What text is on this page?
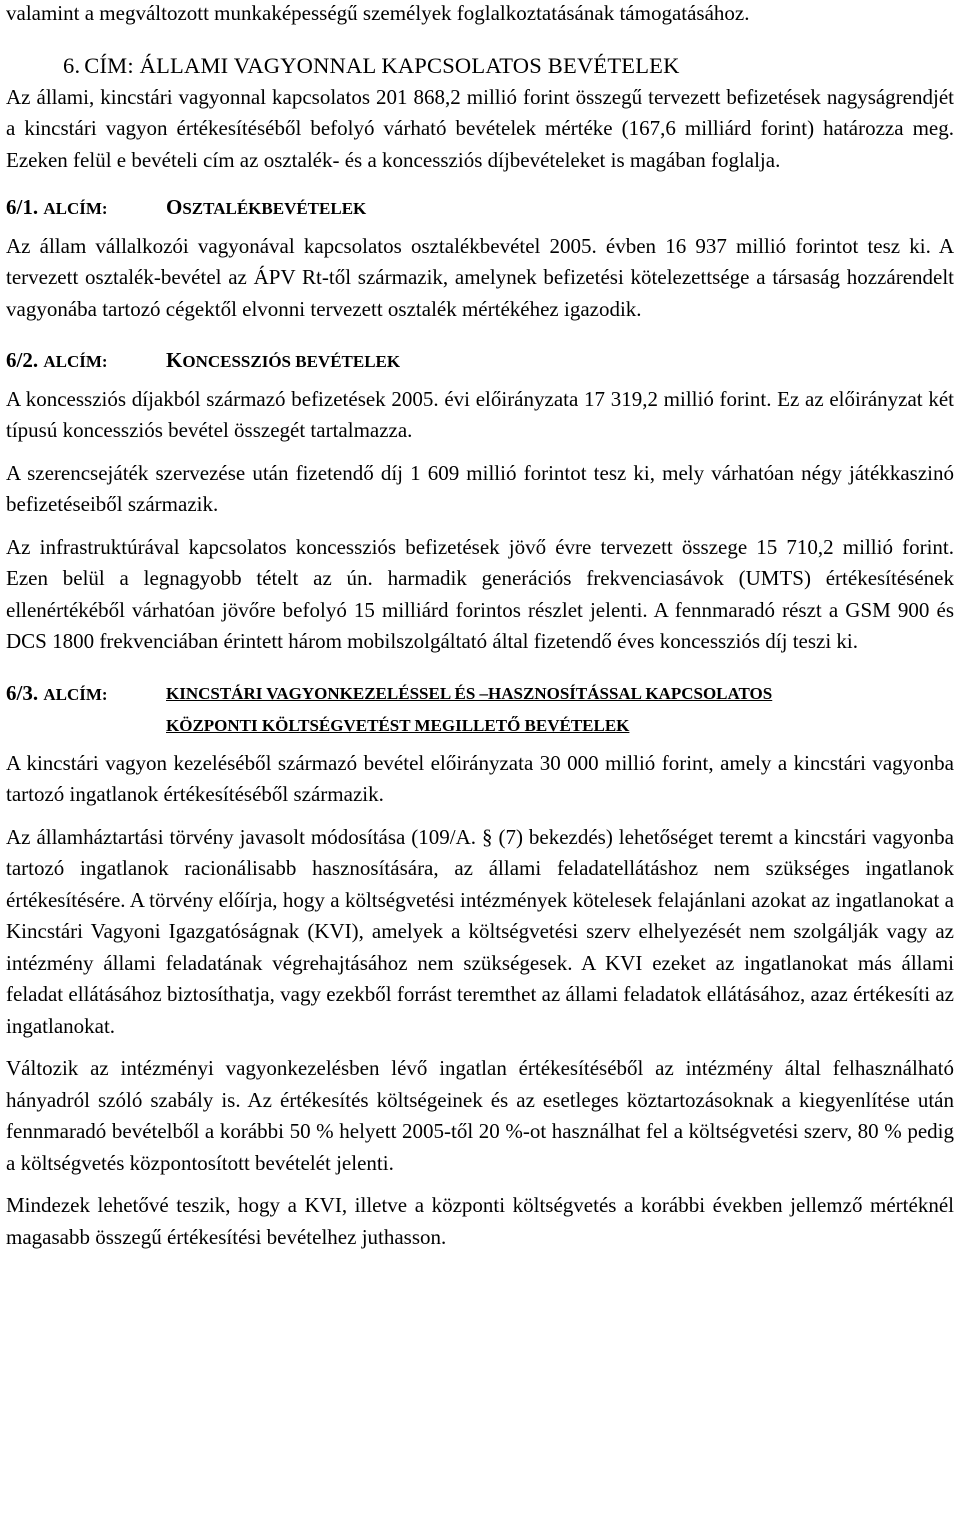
valamint a megváltozott munkaképességű személyek foglalkoztatásának támogatásához.

6. CÍM: ÁLLAMI VAGYONNAL KAPCSOLATOS BEVÉTELEK

Az állami, kincstári vagyonnal kapcsolatos 201 868,2 millió forint összegű tervezett befizetések nagyságrendjét a kincstári vagyon értékesítéséből befolyó várható bevételek mértéke (167,6 milliárd forint) határozza meg. Ezeken felül e bevételi cím az osztalék- és a koncessziós díjbevételeket is magában foglalja.

6/1. ALCÍM:	OSZTALÉKBEVÉTELEK

Az állam vállalkozói vagyonával kapcsolatos osztalékbevétel 2005. évben 16 937 millió forintot tesz ki. A tervezett osztalék-bevétel az ÁPV Rt-től származik, amelynek befizetési kötelezettsége a társaság hozzárendelt vagyonába tartozó cégektől elvonni tervezett osztalék mértékéhez igazodik.

6/2. ALCÍM:	KONCESSZIÓS BEVÉTELEK

A koncessziós díjakból származó befizetések 2005. évi előirányzata 17 319,2 millió forint. Ez az előirányzat két típusú koncessziós bevétel összegét tartalmazza.

A szerencsejáték szervezése után fizetendő díj 1 609 millió forintot tesz ki, mely várhatóan négy játékkaszinó befizetéseiből származik.

Az infrastruktúrával kapcsolatos koncessziós befizetések jövő évre tervezett összege 15 710,2 millió forint. Ezen belül a legnagyobb tételt az ún. harmadik generációs frekvenciasávok (UMTS) értékesítésének ellenértékéből várhatóan jövőre befolyó 15 milliárd forintos részlet jelenti. A fennmaradó részt a GSM 900 és DCS 1800 frekvenciában érintett három mobilszolgáltató által fizetendő éves koncessziós díj teszi ki.

6/3. ALCÍM:	KINCSTÁRI VAGYONKEZELÉSSEL ÉS –HASZNOSÍTÁSSAL KAPCSOLATOS
KÖZPONTI KÖLTSÉGVETÉST MEGILLETŐ BEVÉTELEK

A kincstári vagyon kezeléséből származó bevétel előirányzata 30 000 millió forint, amely a kincstári vagyonba tartozó ingatlanok értékesítéséből származik.

Az államháztartási törvény javasolt módosítása (109/A. § (7) bekezdés) lehetőséget teremt a kincstári vagyonba tartozó ingatlanok racionálisabb hasznosítására, az állami feladatellátáshoz nem szükséges ingatlanok értékesítésére. A törvény előírja, hogy a költségvetési intézmények kötelesek felajánlani azokat az ingatlanokat a Kincstári Vagyoni Igazgatóságnak (KVI), amelyek a költségvetési szerv elhelyezését nem szolgálják vagy az intézmény állami feladatának végrehajtásához nem szükségesek. A KVI ezeket az ingatlanokat más állami feladat ellátásához biztosíthatja, vagy ezekből forrást teremthet az állami feladatok ellátásához, azaz értékesíti az ingatlanokat.

Változik az intézményi vagyonkezelésben lévő ingatlan értékesítéséből az intézmény által felhasználható hányadról szóló szabály is. Az értékesítés költségeinek és az esetleges köztartozásoknak a kiegyenlítése után fennmaradó bevételből a korábbi 50 % helyett 2005-től 20 %-ot használhat fel a költségvetési szerv, 80 % pedig a költségvetés központosított bevételét jelenti.

Mindezek lehetővé teszik, hogy a KVI, illetve a központi költségvetés a korábbi években jellemző mértéknél magasabb összegű értékesítési bevételhez juthasson.
